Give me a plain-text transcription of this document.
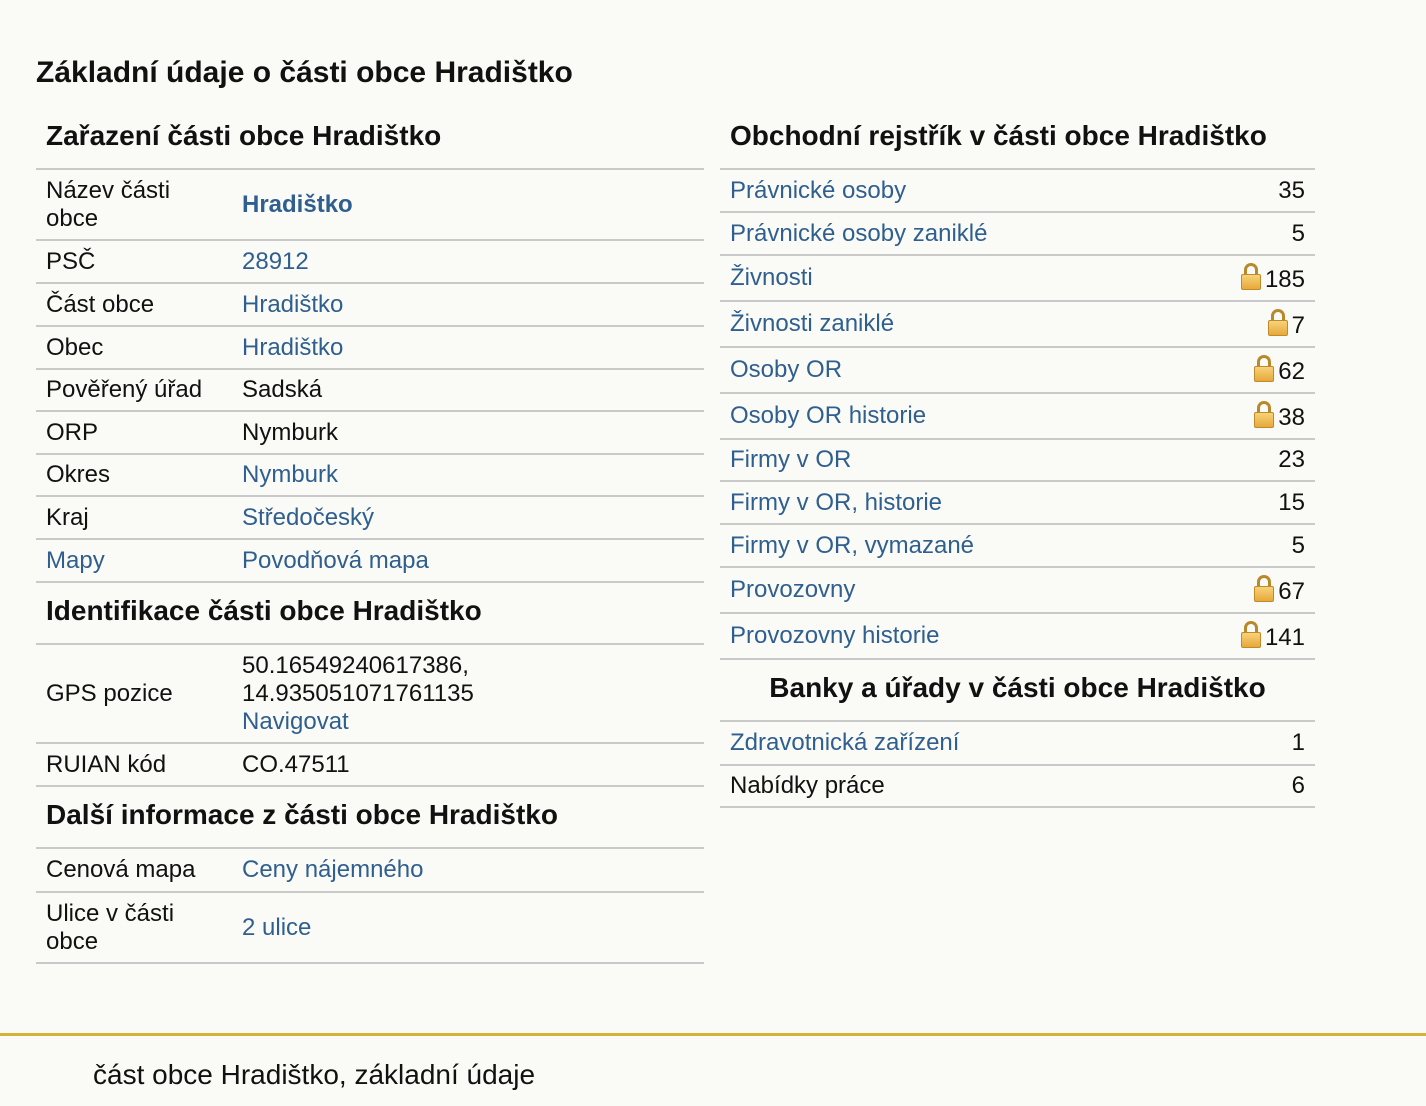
Základní údaje o části obce Hradištko
Zařazení části obce Hradištko
Název části obce	Hradištko
PSČ	28912
Část obce	Hradištko
Obec	Hradištko
Pověřený úřad	Sadská
ORP	Nymburk
Okres	Nymburk
Kraj	Středočeský
Mapy	Povodňová mapa
Identifikace části obce Hradištko
GPS pozice	50.16549240617386,
14.935051071761135
Navigovat

RUIAN kód	CO.47511
Další informace z části obce Hradištko
Cenová mapa	Ceny nájemného
Ulice v části obce	2 ulice
Obchodní rejstřík v části obce Hradištko
Právnické osoby	35
Právnické osoby zaniklé	5
Živnosti	185
Živnosti zaniklé	7
Osoby OR	62
Osoby OR historie	38
Firmy v OR	23
Firmy v OR, historie	15
Firmy v OR, vymazané	5
Provozovny	67
Provozovny historie	141
Banky a úřady v části obce Hradištko
Zdravotnická zařízení	1
Nabídky práce	6
část obce Hradištko, základní údaje
